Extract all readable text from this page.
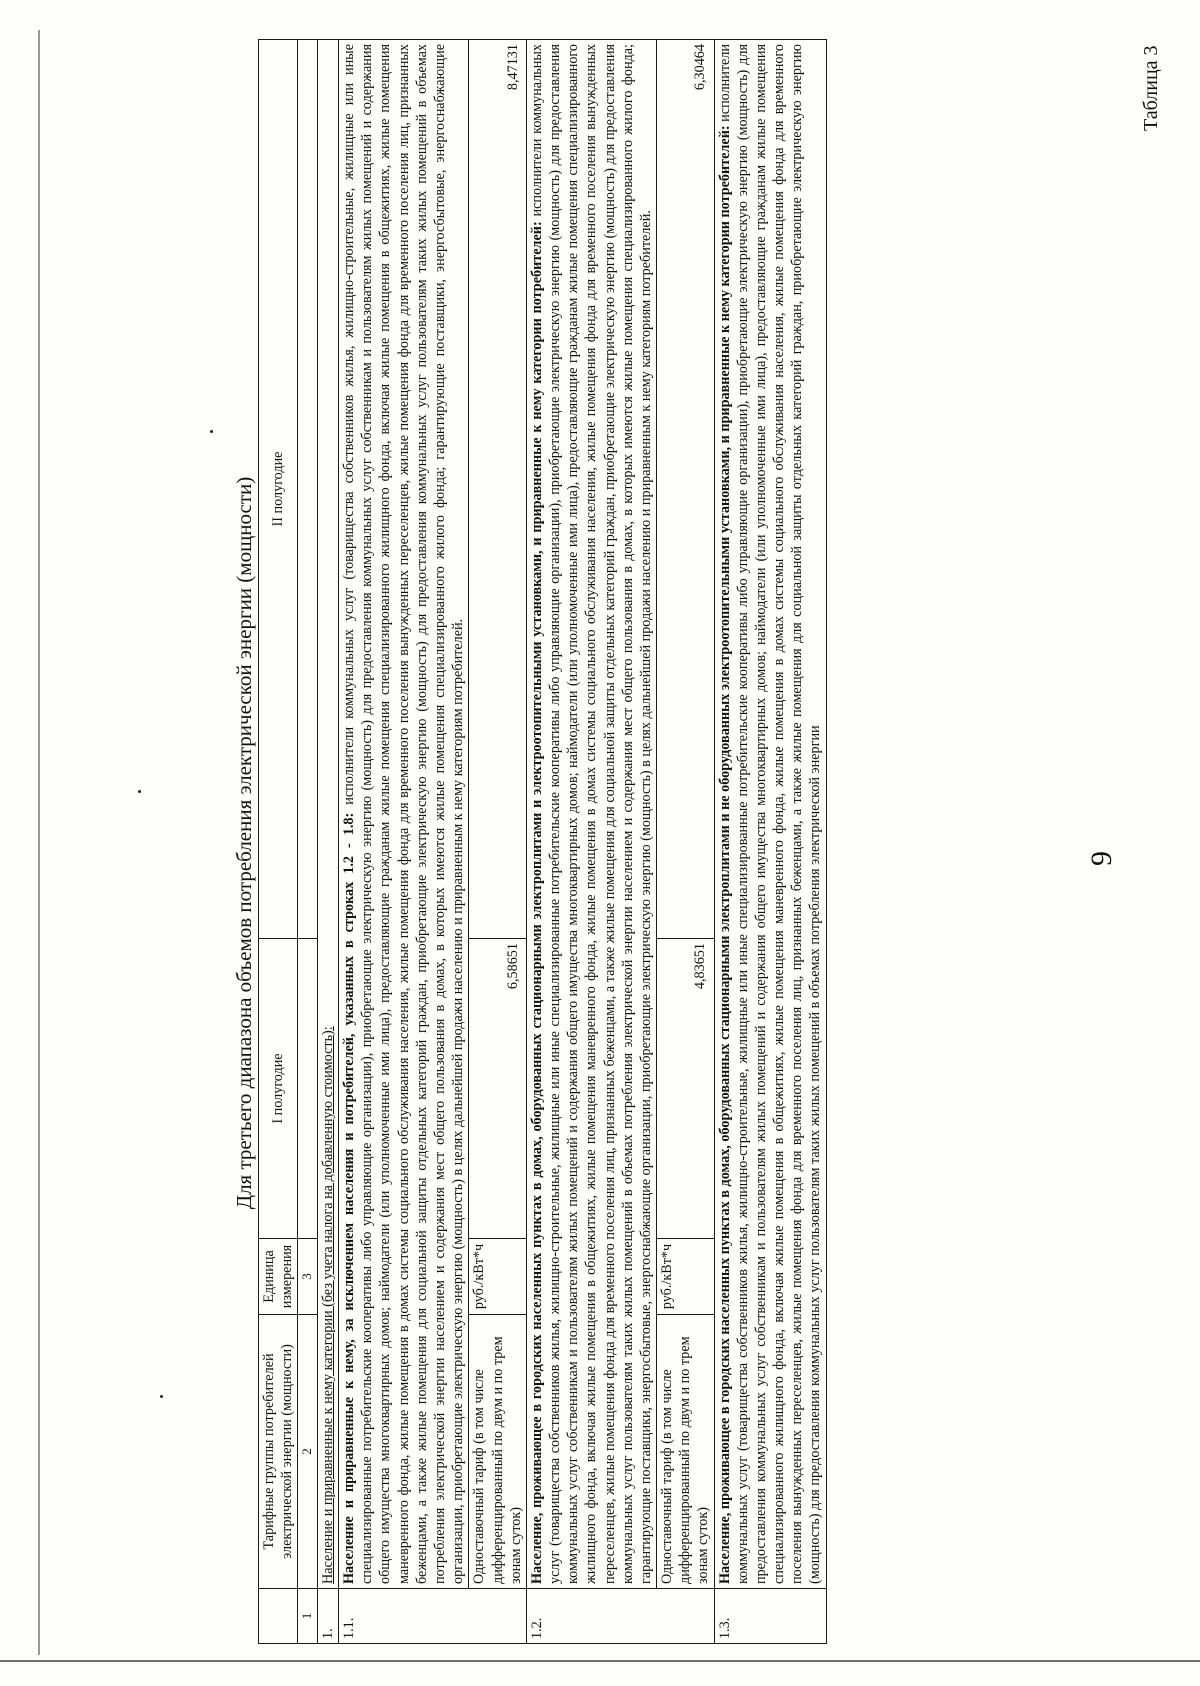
9
Таблица 3
Для третьего диапазона объемов потребления электрической энергии (мощности)
	Тарифные группы потребителей электрической энергии (мощности)	Единица измерения	I полугодие	II полугодие
1	2	3		
1.	Население и приравненные к нему категории (без учета налога на добавленную стоимость):			
1.1.	Население и приравненные к нему, за исключением населения и потребителей, указанных в строках 1.2 - 1.8: исполнители коммунальных услуг (товарищества собственников жилья, жилищно-строительные, жилищные или иные специализированные потребительские кооперативы либо управляющие организации), приобретающие электрическую энергию (мощность) для предоставления коммунальных услуг собственникам и пользователям жилых помещений и содержания общего имущества многоквартирных домов; наймодатели (или уполномоченные ими лица), предоставляющие гражданам жилые помещения специализированного жилищного фонда, включая жилые помещения в общежитиях, жилые помещения маневренного фонда, жилые помещения в домах системы социального обслуживания населения, жилые помещения фонда для временного поселения вынужденных переселенцев, жилые помещения фонда для временного поселения лиц, признанных беженцами, а также жилые помещения для социальной защиты отдельных категорий граждан, приобретающие электрическую энергию (мощность) для предоставления коммунальных услуг пользователям таких жилых помещений в объемах потребления электрической энергии населением и содержания мест общего пользования в домах, в которых имеются жилые помещения специализированного жилого фонда; гарантирующие поставщики, энергосбытовые, энергоснабжающие организации, приобретающие электрическую энергию (мощность) в целях дальнейшей продажи населению и приравненным к нему категориям потребителей.			
	Одноставочный тариф (в том числе дифференцированный по двум и по трем зонам суток)	руб./кВт*ч	6,58651	8,47131
1.2.	Население, проживающее в городских населенных пунктах в домах, оборудованных стационарными электроплитами и электроотопительными установками, и приравненные к нему категории потребителей: исполнители коммунальных услуг (товарищества собственников жилья, жилищно-строительные, жилищные или иные специализированные потребительские кооперативы либо управляющие организации), приобретающие электрическую энергию (мощность) для предоставления коммунальных услуг собственникам и пользователям жилых помещений и содержания общего имущества многоквартирных домов; наймодатели (или уполномоченные ими лица), предоставляющие гражданам жилые помещения специализированного жилищного фонда, включая жилые помещения в общежитиях, жилые помещения маневренного фонда, жилые помещения в домах системы социального обслуживания населения, жилые помещения фонда для временного поселения вынужденных переселенцев, жилые помещения фонда для временного поселения лиц, признанных беженцами, а также жилые помещения для социальной защиты отдельных категорий граждан, приобретающие электрическую энергию (мощность) для предоставления коммунальных услуг пользователям таких жилых помещений в объемах потребления электрической энергии населением и содержания мест общего пользования в домах, в которых имеются жилые помещения специализированного жилого фонда; гарантирующие поставщики, энергосбытовые, энергоснабжающие организации, приобретающие электрическую энергию (мощность) в целях дальнейшей продажи населению и приравненным к нему категориям потребителей.			
	Одноставочный тариф (в том числе дифференцированный по двум и по трем зонам суток)	руб./кВт*ч	4,83651	6,30464
1.3.	Население, проживающее в городских населенных пунктах в домах, оборудованных стационарными электроплитами и не оборудованных электроотопительными установками, и приравненные к нему категории потребителей: исполнители коммунальных услуг (товарищества собственников жилья, жилищно-строительные, жилищные или иные специализированные потребительские кооперативы либо управляющие организации), приобретающие электрическую энергию (мощность) для предоставления коммунальных услуг собственникам и пользователям жилых помещений и содержания общего имущества многоквартирных домов; наймодатели (или уполномоченные ими лица), предоставляющие гражданам жилые помещения специализированного жилищного фонда, включая жилые помещения в общежитиях, жилые помещения маневренного фонда, жилые помещения в домах системы социального обслуживания населения, жилые помещения фонда для временного поселения вынужденных переселенцев, жилые помещения фонда для временного поселения лиц, признанных беженцами, а также жилые помещения для социальной защиты отдельных категорий граждан, приобретающие электрическую энергию (мощность) для предоставления коммунальных услуг пользователям таких жилых помещений в объемах потребления электрической энергии			
